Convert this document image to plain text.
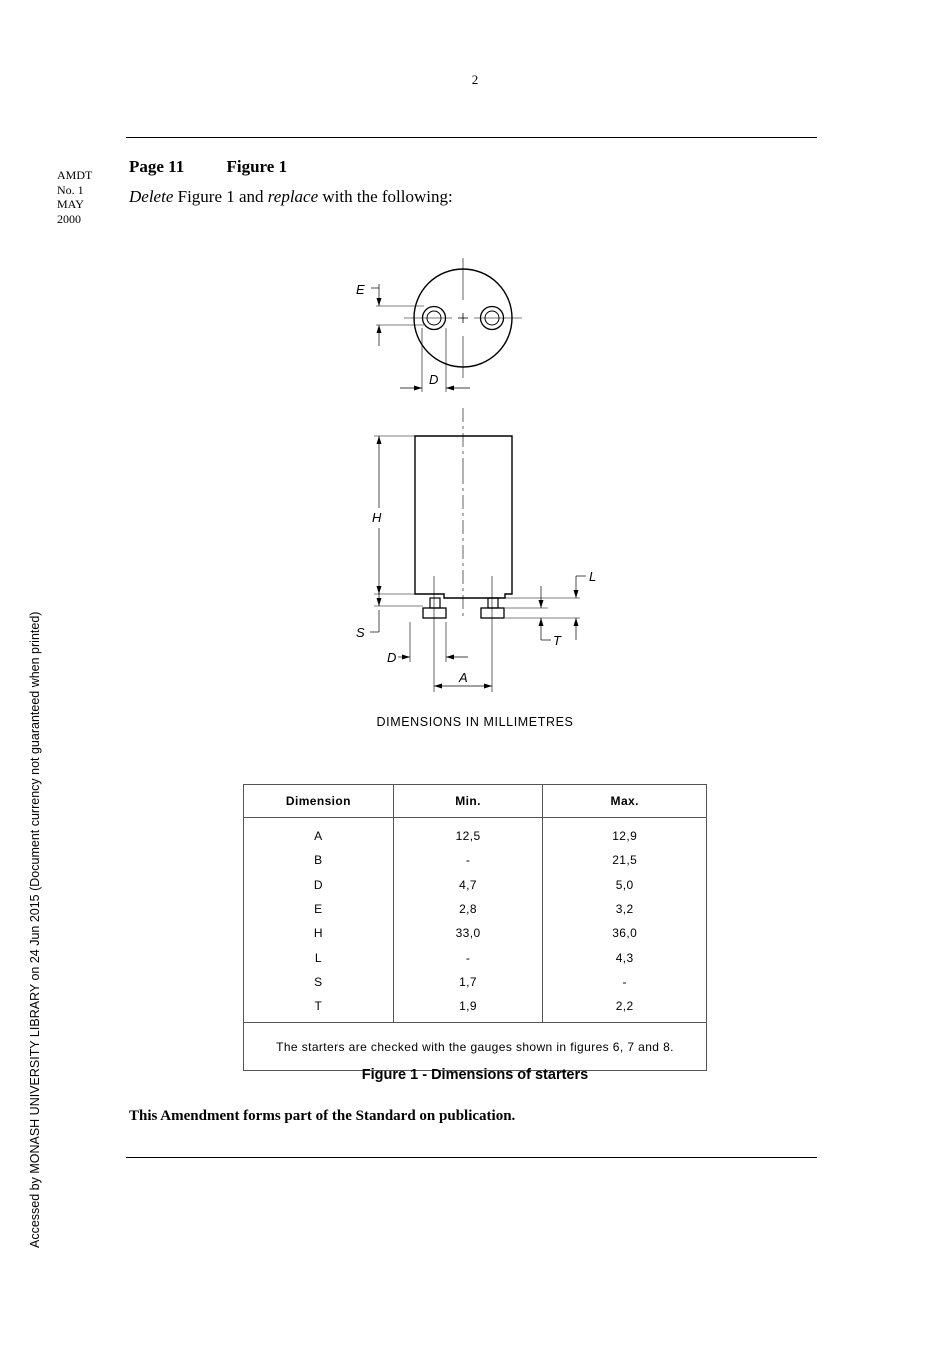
2
AMDT
No. 1
MAY
2000
Page 11 Figure 1
Delete Figure 1 and replace with the following:
E
D
H
L
S
T
D
A
DIMENSIONS IN MILLIMETRES
Dimension	Min.	Max.
A	12,5	12,9
B	-	21,5
D	4,7	5,0
E	2,8	3,2
H	33,0	36,0
L	-	4,3
S	1,7	-
T	1,9	2,2
The starters are checked with the gauges shown in figures 6, 7 and 8.		
Figure 1 - Dimensions of starters
This Amendment forms part of the Standard on publication.
Accessed by MONASH UNIVERSITY LIBRARY on 24 Jun 2015 (Document currency not guaranteed when printed)
